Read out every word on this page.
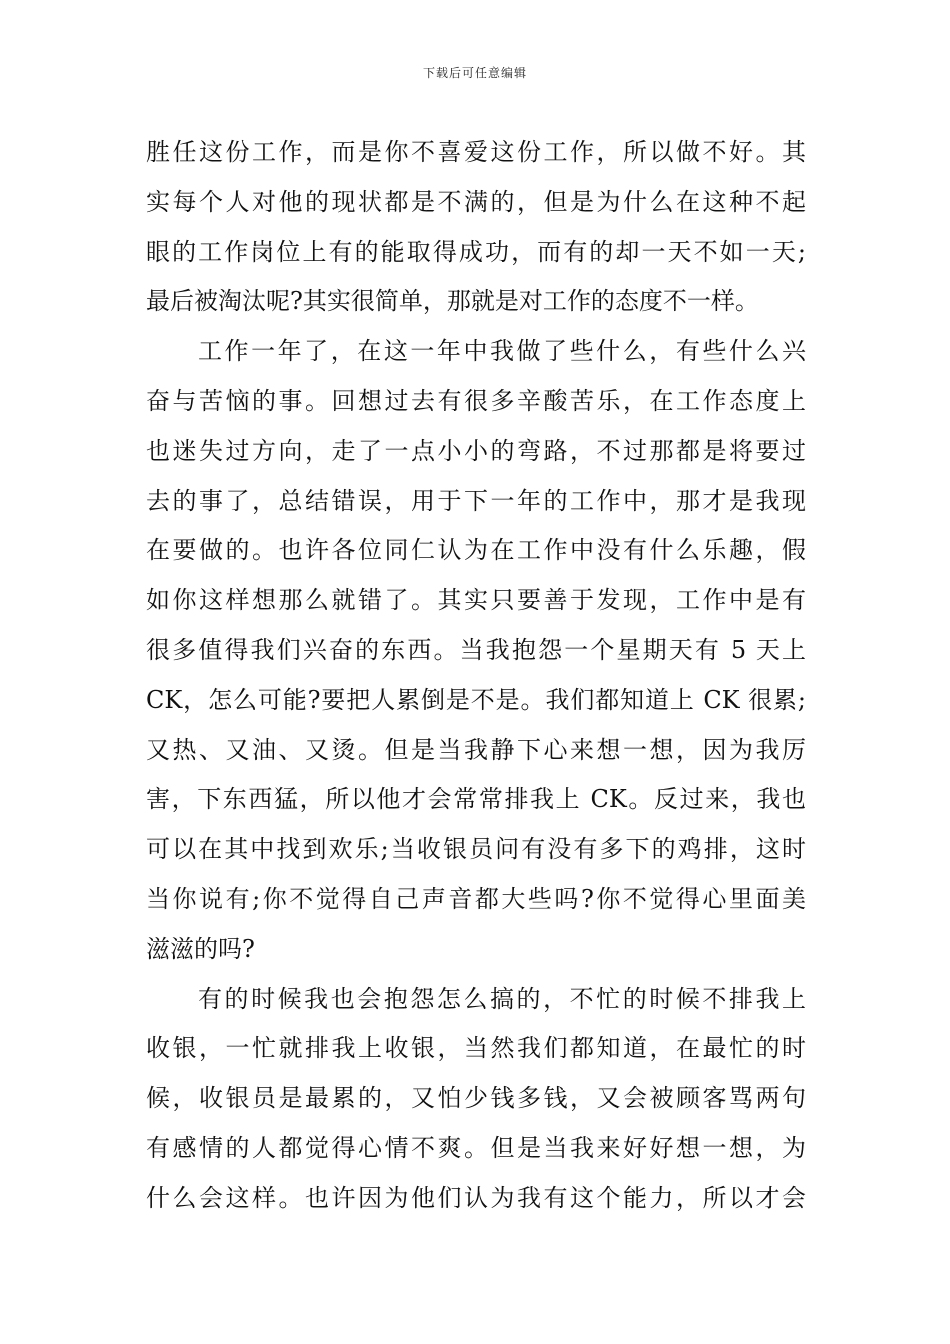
下载后可任意编辑
胜任这份工作，而是你不喜爱这份工作，所以做不好。其
实每个人对他的现状都是不满的，但是为什么在这种不起
眼的工作岗位上有的能取得成功，而有的却一天不如一天;
最后被淘汰呢?其实很简单，那就是对工作的态度不一样。
工作一年了，在这一年中我做了些什么，有些什么兴
奋与苦恼的事。回想过去有很多辛酸苦乐，在工作态度上
也迷失过方向，走了一点小小的弯路，不过那都是将要过
去的事了，总结错误，用于下一年的工作中，那才是我现
在要做的。也许各位同仁认为在工作中没有什么乐趣，假
如你这样想那么就错了。其实只要善于发现，工作中是有
很多值得我们兴奋的东西。当我抱怨一个星期天有 5 天上
CK，怎么可能?要把人累倒是不是。我们都知道上 CK 很累;
又热、又油、又烫。但是当我静下心来想一想，因为我厉
害，下东西猛，所以他才会常常排我上 CK。反过来，我也
可以在其中找到欢乐;当收银员问有没有多下的鸡排，这时
当你说有;你不觉得自己声音都大些吗?你不觉得心里面美
滋滋的吗?
有的时候我也会抱怨怎么搞的，不忙的时候不排我上
收银，一忙就排我上收银，当然我们都知道，在最忙的时
候，收银员是最累的，又怕少钱多钱，又会被顾客骂两句
有感情的人都觉得心情不爽。但是当我来好好想一想，为
什么会这样。也许因为他们认为我有这个能力，所以才会
